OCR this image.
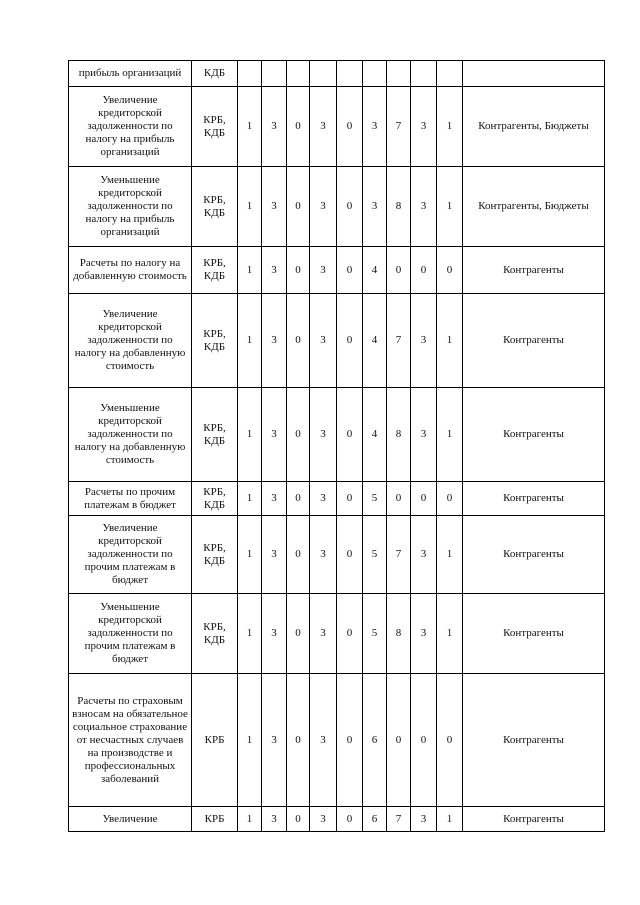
прибыль организаций	КДБ										
Увеличение кредиторской задолженности по налогу на прибыль организаций	КРБ, КДБ	1	3	0	3	0	3	7	3	1	Контрагенты, Бюджеты
Уменьшение кредиторской задолженности по налогу на прибыль организаций	КРБ, КДБ	1	3	0	3	0	3	8	3	1	Контрагенты, Бюджеты
Расчеты по налогу на добавленную стоимость	КРБ, КДБ	1	3	0	3	0	4	0	0	0	Контрагенты
Увеличение кредиторской задолженности по налогу на добавленную стоимость	КРБ, КДБ	1	3	0	3	0	4	7	3	1	Контрагенты
Уменьшение кредиторской задолженности по налогу на добавленную стоимость	КРБ, КДБ	1	3	0	3	0	4	8	3	1	Контрагенты
Расчеты по прочим платежам в бюджет	КРБ, КДБ	1	3	0	3	0	5	0	0	0	Контрагенты
Увеличение кредиторской задолженности по прочим платежам в бюджет	КРБ, КДБ	1	3	0	3	0	5	7	3	1	Контрагенты
Уменьшение кредиторской задолженности по прочим платежам в бюджет	КРБ, КДБ	1	3	0	3	0	5	8	3	1	Контрагенты
Расчеты по страховым взносам на обязательное социальное страхование от несчастных случаев на производстве и профессиональных заболеваний	КРБ	1	3	0	3	0	6	0	0	0	Контрагенты
Увеличение	КРБ	1	3	0	3	0	6	7	3	1	Контрагенты
